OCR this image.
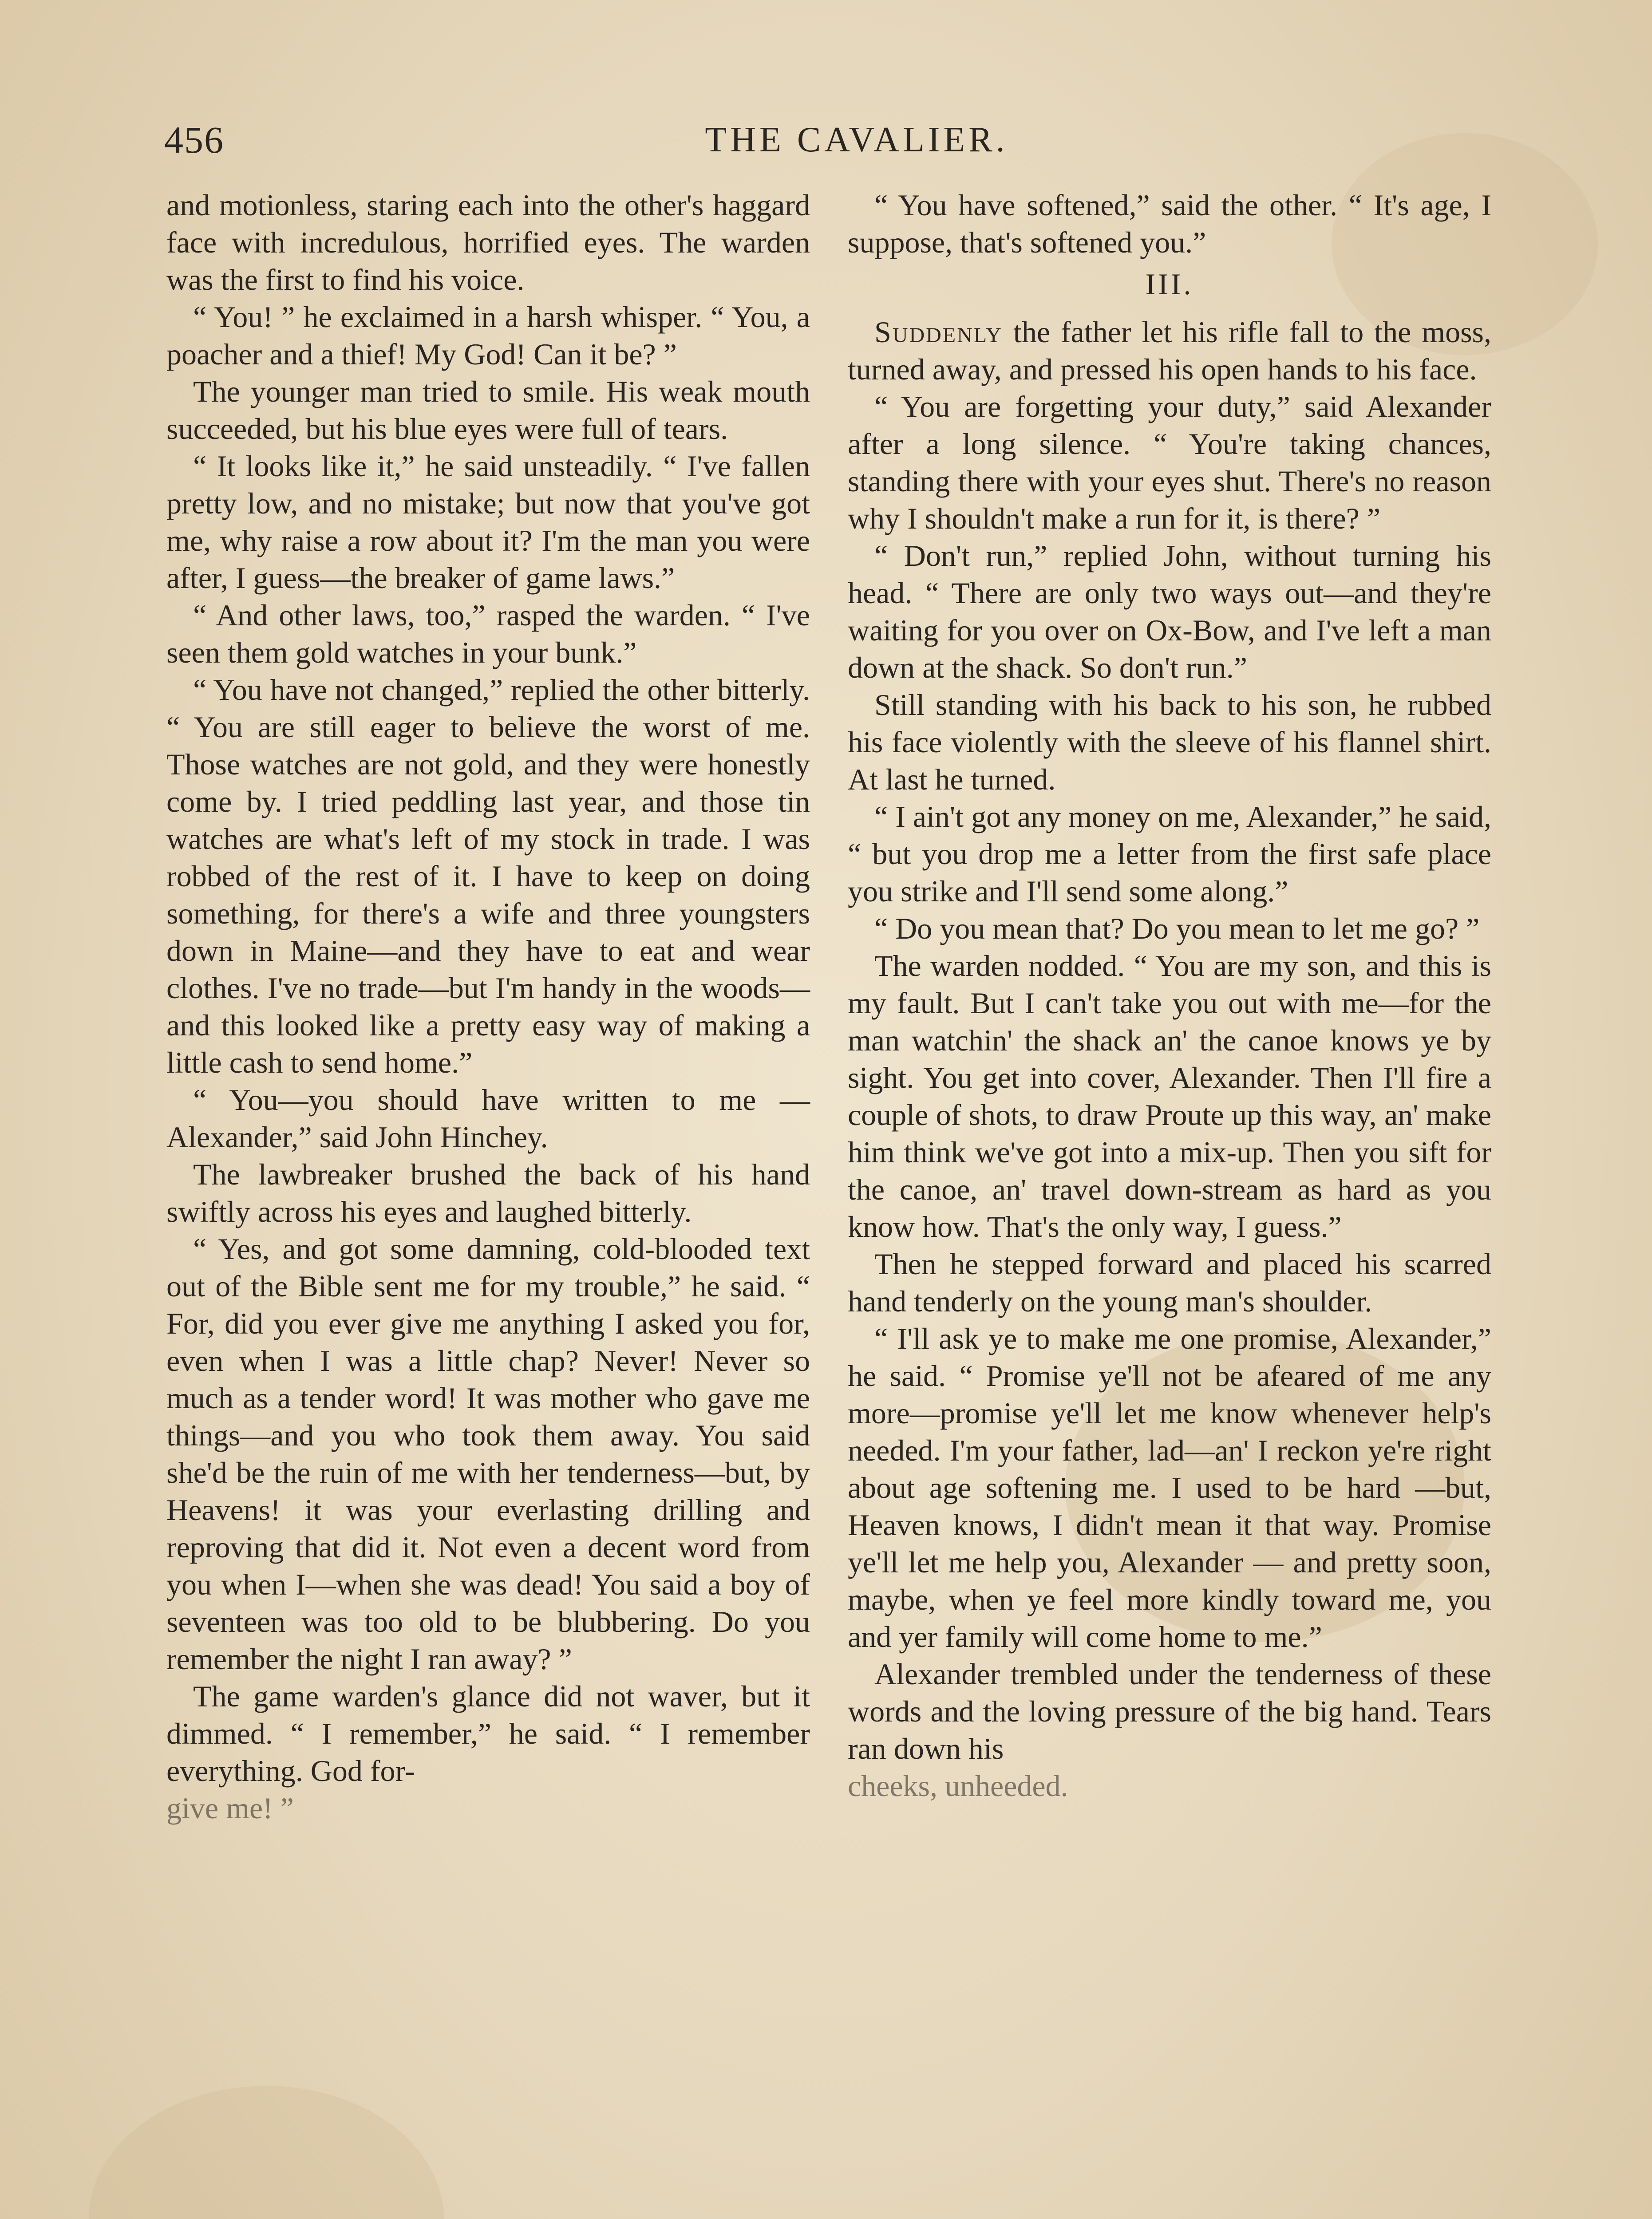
456	THE CAVALIER.

and motionless, staring each into the other's haggard face with incredulous, horrified eyes. The warden was the first to find his voice.

“ You! ” he exclaimed in a harsh whisper. “ You, a poacher and a thief! My God! Can it be? ”

The younger man tried to smile. His weak mouth succeeded, but his blue eyes were full of tears.

“ It looks like it,” he said unsteadily. “ I've fallen pretty low, and no mistake; but now that you've got me, why raise a row about it? I'm the man you were after, I guess—the breaker of game laws.”

“ And other laws, too,” rasped the warden. “ I've seen them gold watches in your bunk.”

“ You have not changed,” replied the other bitterly. “ You are still eager to believe the worst of me. Those watches are not gold, and they were honestly come by. I tried peddling last year, and those tin watches are what's left of my stock in trade. I was robbed of the rest of it. I have to keep on doing something, for there's a wife and three youngsters down in Maine—and they have to eat and wear clothes. I've no trade—but I'm handy in the woods—and this looked like a pretty easy way of making a little cash to send home.”

“ You—you should have written to me —Alexander,” said John Hinchey.

The lawbreaker brushed the back of his hand swiftly across his eyes and laughed bitterly.

“ Yes, and got some damning, cold-blooded text out of the Bible sent me for my trouble,” he said. “ For, did you ever give me anything I asked you for, even when I was a little chap? Never! Never so much as a tender word! It was mother who gave me things—and you who took them away. You said she'd be the ruin of me with her tenderness—but, by Heavens! it was your everlasting drilling and reproving that did it. Not even a decent word from you when I—when she was dead! You said a boy of seventeen was too old to be blubbering. Do you remember the night I ran away? ”

The game warden's glance did not waver, but it dimmed. “ I remember,” he said. “ I remember everything. God for-

give me! ”

“ You have softened,” said the other. “ It's age, I suppose, that's softened you.”

III.

Suddenly the father let his rifle fall to the moss, turned away, and pressed his open hands to his face.

“ You are forgetting your duty,” said Alexander after a long silence. “ You're taking chances, standing there with your eyes shut. There's no reason why I shouldn't make a run for it, is there? ”

“ Don't run,” replied John, without turning his head. “ There are only two ways out—and they're waiting for you over on Ox-Bow, and I've left a man down at the shack. So don't run.”

Still standing with his back to his son, he rubbed his face violently with the sleeve of his flannel shirt. At last he turned.

“ I ain't got any money on me, Alexander,” he said, “ but you drop me a letter from the first safe place you strike and I'll send some along.”

“ Do you mean that? Do you mean to let me go? ”

The warden nodded. “ You are my son, and this is my fault. But I can't take you out with me—for the man watchin' the shack an' the canoe knows ye by sight. You get into cover, Alexander. Then I'll fire a couple of shots, to draw Proute up this way, an' make him think we've got into a mix-up. Then you sift for the canoe, an' travel down-stream as hard as you know how. That's the only way, I guess.”

Then he stepped forward and placed his scarred hand tenderly on the young man's shoulder.

“ I'll ask ye to make me one promise, Alexander,” he said. “ Promise ye'll not be afeared of me any more—promise ye'll let me know whenever help's needed. I'm your father, lad—an' I reckon ye're right about age softening me. I used to be hard —but, Heaven knows, I didn't mean it that way. Promise ye'll let me help you, Alexander — and pretty soon, maybe, when ye feel more kindly toward me, you and yer family will come home to me.”

Alexander trembled under the tenderness of these words and the loving pressure of the big hand. Tears ran down his

cheeks, unheeded.
